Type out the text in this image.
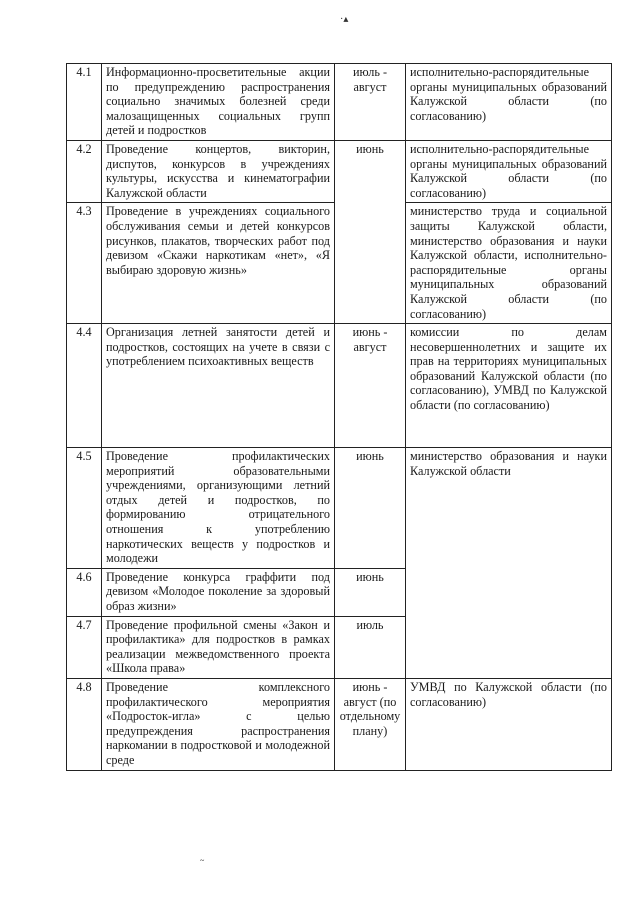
·▴
4.1	Информационно-просветительные акции по предупреждению распространения социально значимых болезней среди малозащищенных социальных групп детей и подростков	июль - август	исполнительно-распорядительные органы муниципальных образований Калужской области (по согласованию)
4.2	Проведение концертов, викторин, диспутов, конкурсов в учреждениях культуры, искусства и кинематографии Калужской области	июнь	исполнительно-распорядительные органы муниципальных образований Калужской области (по согласованию)
4.3	Проведение в учреждениях социального обслуживания семьи и детей конкурсов рисунков, плакатов, творческих работ под девизом «Скажи наркотикам «нет», «Я выбираю здоровую жизнь»		министерство труда и социальной защиты Калужской области, министерство образования и науки Калужской области, исполнительно-распорядительные органы муниципальных образований Калужской области (по согласованию)
4.4	Организация летней занятости детей и подростков, состоящих на учете в связи с употреблением психоактивных веществ	июнь - август	комиссии по делам несовершеннолетних и защите их прав на территориях муниципальных образований Калужской области (по согласованию), УМВД по Калужской области (по согласованию)
4.5	Проведение профилактических мероприятий образовательными учреждениями, организующими летний отдых детей и подростков, по формированию отрицательного отношения к употреблению наркотических веществ у подростков и молодежи	июнь	министерство образования и науки Калужской области
4.6	Проведение конкурса граффити под девизом «Молодое поколение за здоровый образ жизни»	июнь	
4.7	Проведение профильной смены «Закон и профилактика» для подростков в рамках реализации межведомственного проекта «Школа права»	июль	
4.8	Проведение комплексного профилактического мероприятия «Подросток-игла» с целью предупреждения распространения наркомании в подростковой и молодежной среде	июнь - август (по отдельному плану)	УМВД по Калужской области (по согласованию)
~
